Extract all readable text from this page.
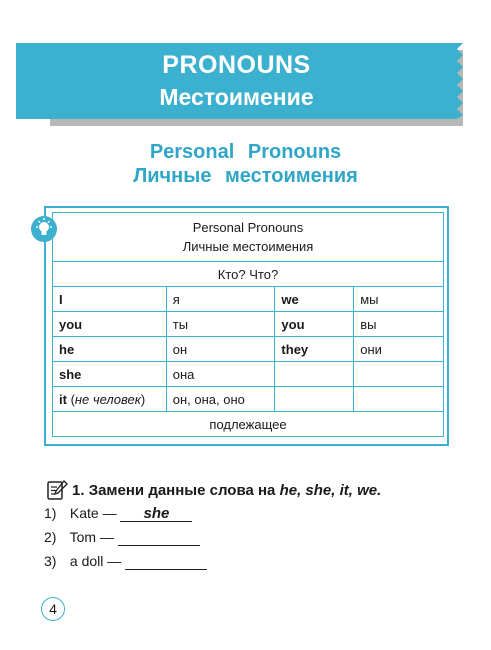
PRONOUNS
Местоимение
Personal Pronouns
Личные местоимения
Personal Pronouns
Личные местоимения			
Кто? Что?			
I	я	we	мы
you	ты	you	вы
he	он	they	они
she	она		
it (не человек)	он, она, оно		
подлежащее			
1. Замени данные слова на he, she, it, we.
1) Kate — she
2) Tom —
3) a doll —
4
